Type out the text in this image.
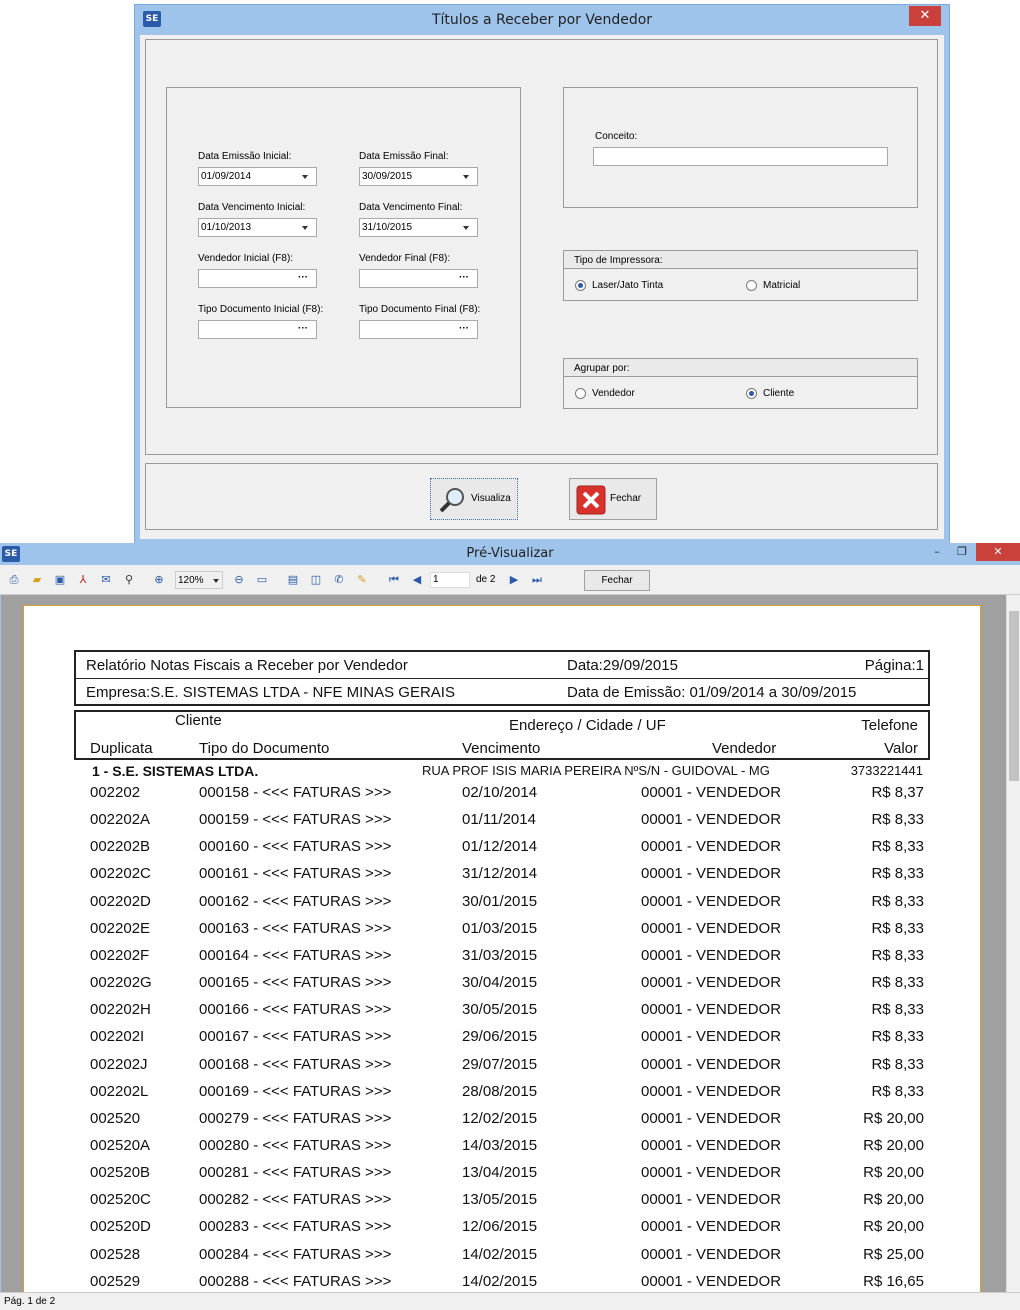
SE	Títulos a Receber por Vendedor	✕
Data Emissão Inicial:
01/09/2014
Data Emissão Final:
30/09/2015
Data Vencimento Inicial:
01/10/2013
Data Vencimento Final:
31/10/2015
Vendedor Inicial (F8):
···
Vendedor Final (F8):
···
Tipo Documento Inicial (F8):
···
Tipo Documento Final (F8):
···
Conceito:
Tipo de Impressora:
Laser/Jato Tinta	Matricial
Agrupar por:
Vendedor	Cliente
Visualiza	Fechar
SE	Pré-Visualizar	–	❐	✕
⎙	▰	▣	⅄	✉	⚲	⊕	120%	⊖	▭ ▤ ◫	✆	✎	⏮	◀	1	de 2	▶	⏭	Fechar
Relatório Notas Fiscais a Receber por Vendedor	Data:29/09/2015	Página:1
Empresa:S.E. SISTEMAS LTDA - NFE MINAS GERAIS	Data de Emissão: 01/09/2014 a 30/09/2015
Cliente	Endereço / Cidade / UF	Telefone
Duplicata	Tipo do Documento	Vencimento	Vendedor	Valor
1 - S.E. SISTEMAS LTDA.	RUA PROF ISIS MARIA PEREIRA NºS/N - GUIDOVAL - MG	3733221441
002202	000158 - <<< FATURAS >>>	02/10/2014	00001 - VENDEDOR	R$ 8,37
002202A	000159 - <<< FATURAS >>>	01/11/2014	00001 - VENDEDOR	R$ 8,33
002202B	000160 - <<< FATURAS >>>	01/12/2014	00001 - VENDEDOR	R$ 8,33
002202C	000161 - <<< FATURAS >>>	31/12/2014	00001 - VENDEDOR	R$ 8,33
002202D	000162 - <<< FATURAS >>>	30/01/2015	00001 - VENDEDOR	R$ 8,33
002202E	000163 - <<< FATURAS >>>	01/03/2015	00001 - VENDEDOR	R$ 8,33
002202F	000164 - <<< FATURAS >>>	31/03/2015	00001 - VENDEDOR	R$ 8,33
002202G	000165 - <<< FATURAS >>>	30/04/2015	00001 - VENDEDOR	R$ 8,33
002202H	000166 - <<< FATURAS >>>	30/05/2015	00001 - VENDEDOR	R$ 8,33
002202I	000167 - <<< FATURAS >>>	29/06/2015	00001 - VENDEDOR	R$ 8,33
002202J	000168 - <<< FATURAS >>>	29/07/2015	00001 - VENDEDOR	R$ 8,33
002202L	000169 - <<< FATURAS >>>	28/08/2015	00001 - VENDEDOR	R$ 8,33
002520	000279 - <<< FATURAS >>>	12/02/2015	00001 - VENDEDOR	R$ 20,00
002520A	000280 - <<< FATURAS >>>	14/03/2015	00001 - VENDEDOR	R$ 20,00
002520B	000281 - <<< FATURAS >>>	13/04/2015	00001 - VENDEDOR	R$ 20,00
002520C	000282 - <<< FATURAS >>>	13/05/2015	00001 - VENDEDOR	R$ 20,00
002520D	000283 - <<< FATURAS >>>	12/06/2015	00001 - VENDEDOR	R$ 20,00
002528	000284 - <<< FATURAS >>>	14/02/2015	00001 - VENDEDOR	R$ 25,00
002529	000288 - <<< FATURAS >>>	14/02/2015	00001 - VENDEDOR	R$ 16,65
Pág. 1 de 2
